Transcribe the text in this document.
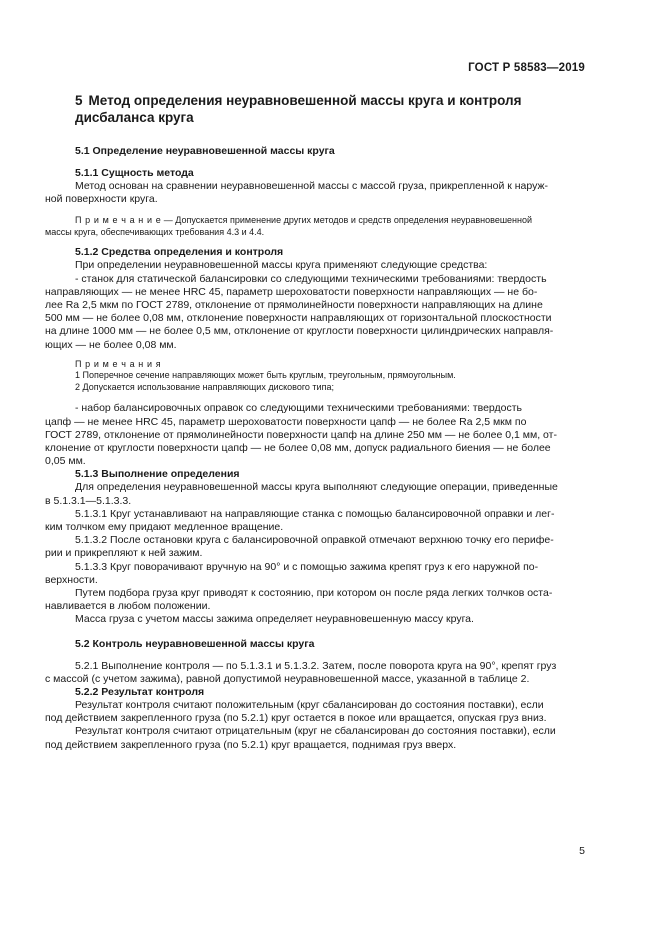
ГОСТ Р 58583—2019
5 Метод определения неуравновешенной массы круга и контроля
дисбаланса круга
5.1 Определение неуравновешенной массы круга
5.1.1 Сущность метода
Метод основан на сравнении неуравновешенной массы с массой груза, прикрепленной к наруж-
ной поверхности круга.
П р и м е ч а н и е — Допускается применение других методов и средств определения неуравновешенной
массы круга, обеспечивающих требования 4.3 и 4.4.
5.1.2 Средства определения и контроля
При определении неуравновешенной массы круга применяют следующие средства:
- станок для статической балансировки со следующими техническими требованиями: твердость
направляющих — не менее HRC 45, параметр шероховатости поверхности направляющих — не бо-
лее Ra 2,5 мкм по ГОСТ 2789, отклонение от прямолинейности поверхности направляющих на длине
500 мм — не более 0,08 мм, отклонение поверхности направляющих от горизонтальной плоскостности
на длине 1000 мм — не более 0,5 мм, отклонение от круглости поверхности цилиндрических направля-
ющих — не более 0,08 мм.
П р и м е ч а н и я
1 Поперечное сечение направляющих может быть круглым, треугольным, прямоугольным.
2 Допускается использование направляющих дискового типа;
- набор балансировочных оправок со следующими техническими требованиями: твердость
цапф — не менее HRC 45, параметр шероховатости поверхности цапф — не более Ra 2,5 мкм по
ГОСТ 2789, отклонение от прямолинейности поверхности цапф на длине 250 мм — не более 0,1 мм, от-
клонение от круглости поверхности цапф — не более 0,08 мм, допуск радиального биения — не более
0,05 мм.
5.1.3 Выполнение определения
Для определения неуравновешенной массы круга выполняют следующие операции, приведенные
в 5.1.3.1—5.1.3.3.
5.1.3.1 Круг устанавливают на направляющие станка с помощью балансировочной оправки и лег-
ким толчком ему придают медленное вращение.
5.1.3.2 После остановки круга с балансировочной оправкой отмечают верхнюю точку его перифе-
рии и прикрепляют к ней зажим.
5.1.3.3 Круг поворачивают вручную на 90° и с помощью зажима крепят груз к его наружной по-
верхности.
Путем подбора груза круг приводят к состоянию, при котором он после ряда легких толчков оста-
навливается в любом положении.
Масса груза с учетом массы зажима определяет неуравновешенную массу круга.
5.2 Контроль неуравновешенной массы круга
5.2.1 Выполнение контроля — по 5.1.3.1 и 5.1.3.2. Затем, после поворота круга на 90°, крепят груз
с массой (с учетом зажима), равной допустимой неуравновешенной массе, указанной в таблице 2.
5.2.2 Результат контроля
Результат контроля считают положительным (круг сбалансирован до состояния поставки), если
под действием закрепленного груза (по 5.2.1) круг остается в покое или вращается, опуская груз вниз.
Результат контроля считают отрицательным (круг не сбалансирован до состояния поставки), если
под действием закрепленного груза (по 5.2.1) круг вращается, поднимая груз вверх.
5
